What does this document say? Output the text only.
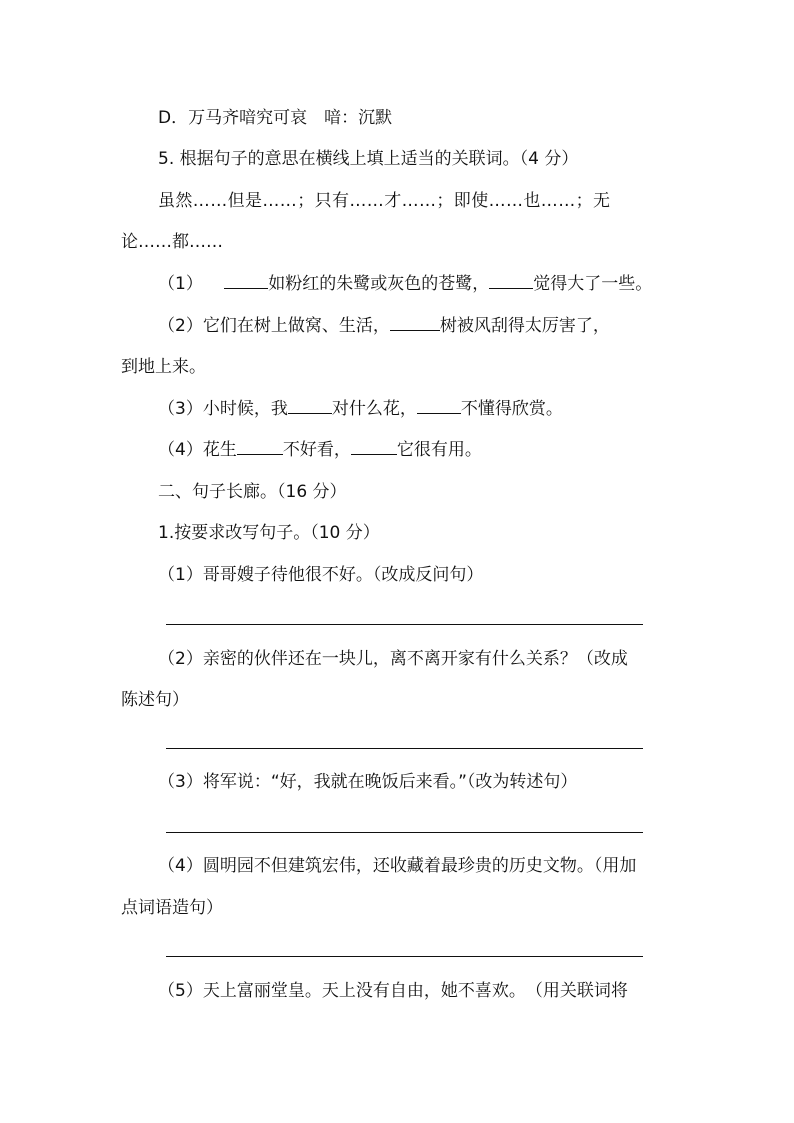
D．万马齐喑究可哀　喑：沉默
5. 根据句子的意思在横线上填上适当的关联词。（4 分）
虽然……但是……；只有……才……；即使……也……；无
论……都……
（1）	如粉红的朱鹭或灰色的苍鹭，	觉得大了一些。
（2）它们在树上做窝、生活，	树被风刮得太厉害了，
到地上来。
（3）小时候，我	对什么花，	不懂得欣赏。
（4）花生	不好看，	它很有用。
二、句子长廊。（16 分）
1.按要求改写句子。（10 分）
（1）哥哥嫂子待他很不好。（改成反问句）
（2）亲密的伙伴还在一块儿，离不离开家有什么关系？（改成
陈述句）
（3）将军说：“好，我就在晚饭后来看。”（改为转述句）
（4）圆明园不但建筑宏伟，还收藏着最珍贵的历史文物。（用加
点词语造句）
（5）天上富丽堂皇。天上没有自由，她不喜欢。　（用关联词将
